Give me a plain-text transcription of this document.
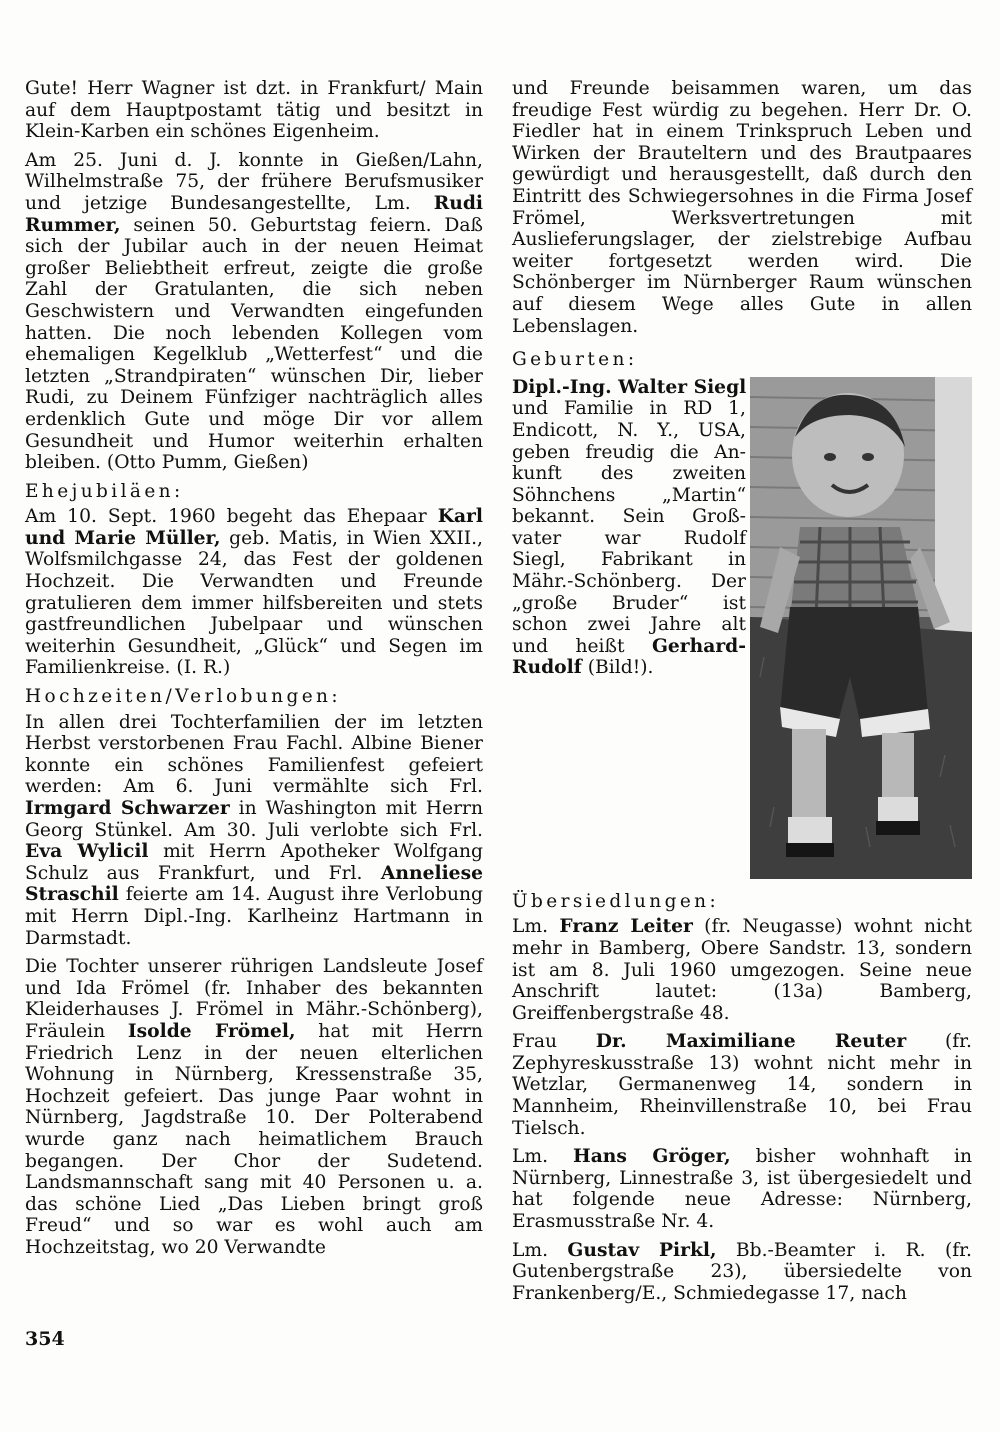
Gute! Herr Wagner ist dzt. in Frankfurt/ Main auf dem Hauptpostamt tätig und besitzt in Klein-Karben ein schönes Eigenheim.

Am 25. Juni d. J. konnte in Gießen/Lahn, Wilhelmstraße 75, der frühere Berufsmusiker und jetzige Bundesangestellte, Lm. Rudi Rummer, seinen 50. Geburtstag feiern. Daß sich der Jubilar auch in der neuen Heimat großer Beliebtheit erfreut, zeigte die große Zahl der Gratulanten, die sich neben Geschwistern und Verwandten eingefunden hatten. Die noch lebenden Kollegen vom ehemaligen Kegelklub „Wetterfest“ und die letzten „Strandpiraten“ wünschen Dir, lieber Rudi, zu Deinem Fünfziger nachträglich alles erdenklich Gute und möge Dir vor allem Gesundheit und Humor weiterhin erhalten bleiben. (Otto Pumm, Gießen)

Ehejubiläen:

Am 10. Sept. 1960 begeht das Ehepaar Karl und Marie Müller, geb. Matis, in Wien XXII., Wolfsmilchgasse 24, das Fest der goldenen Hochzeit. Die Verwandten und Freunde gratulieren dem immer hilfsbereiten und stets gastfreundlichen Jubelpaar und wünschen weiterhin Gesundheit, „Glück“ und Segen im Familienkreise. (I. R.)

Hochzeiten/Verlobungen:

In allen drei Tochterfamilien der im letzten Herbst verstorbenen Frau Fachl. Albine Biener konnte ein schönes Familienfest gefeiert werden: Am 6. Juni vermählte sich Frl. Irmgard Schwarzer in Washington mit Herrn Georg Stünkel. Am 30. Juli verlobte sich Frl. Eva Wylicil mit Herrn Apotheker Wolfgang Schulz aus Frankfurt, und Frl. Anneliese Straschil feierte am 14. August ihre Verlobung mit Herrn Dipl.-Ing. Karlheinz Hartmann in Darmstadt.

Die Tochter unserer rührigen Landsleute Josef und Ida Frömel (fr. Inhaber des bekannten Kleiderhauses J. Frömel in Mähr.-Schönberg), Fräulein Isolde Frömel, hat mit Herrn Friedrich Lenz in der neuen elterlichen Wohnung in Nürnberg, Kressenstraße 35, Hochzeit gefeiert. Das junge Paar wohnt in Nürnberg, Jagdstraße 10. Der Polterabend wurde ganz nach heimatlichem Brauch begangen. Der Chor der Sudetend. Landsmannschaft sang mit 40 Personen u. a. das schöne Lied „Das Lieben bringt groß Freud“ und so war es wohl auch am Hochzeitstag, wo 20 Verwandte

und Freunde beisammen waren, um das freudige Fest würdig zu begehen. Herr Dr. O. Fiedler hat in einem Trinkspruch Leben und Wirken der Brauteltern und des Brautpaares gewürdigt und herausgestellt, daß durch den Eintritt des Schwiegersohnes in die Firma Josef Frömel, Werksvertretungen mit Auslieferungslager, der zielstrebige Aufbau weiter fortgesetzt werden wird. Die Schönberger im Nürnberger Raum wünschen auf diesem Wege alles Gute in allen Lebenslagen.

Geburten:
Dipl.-Ing. Walter Siegl
und Familie in RD 1,
Endicott, N. Y., USA,
geben freudig die An-
kunft des zweiten
Söhnchens „Martin“
bekannt. Sein Groß-
vater war Rudolf
Siegl, Fabrikant in
Mähr.-Schönberg. Der
„große Bruder“ ist
schon zwei Jahre alt
und heißt Gerhard-
Rudolf (Bild!).
Übersiedlungen:

Lm. Franz Leiter (fr. Neugasse) wohnt nicht mehr in Bamberg, Obere Sandstr. 13, sondern ist am 8. Juli 1960 umgezogen. Seine neue Anschrift lautet: (13a) Bamberg, Greiffenbergstraße 48.

Frau Dr. Maximiliane Reuter (fr. Zephyreskusstraße 13) wohnt nicht mehr in Wetzlar, Germanenweg 14, sondern in Mannheim, Rheinvillenstraße 10, bei Frau Tielsch.

Lm. Hans Gröger, bisher wohnhaft in Nürnberg, Linnestraße 3, ist übergesiedelt und hat folgende neue Adresse: Nürnberg, Erasmusstraße Nr. 4.

Lm. Gustav Pirkl, Bb.-Beamter i. R. (fr. Gutenbergstraße 23), übersiedelte von Frankenberg/E., Schmiedegasse 17, nach

354
